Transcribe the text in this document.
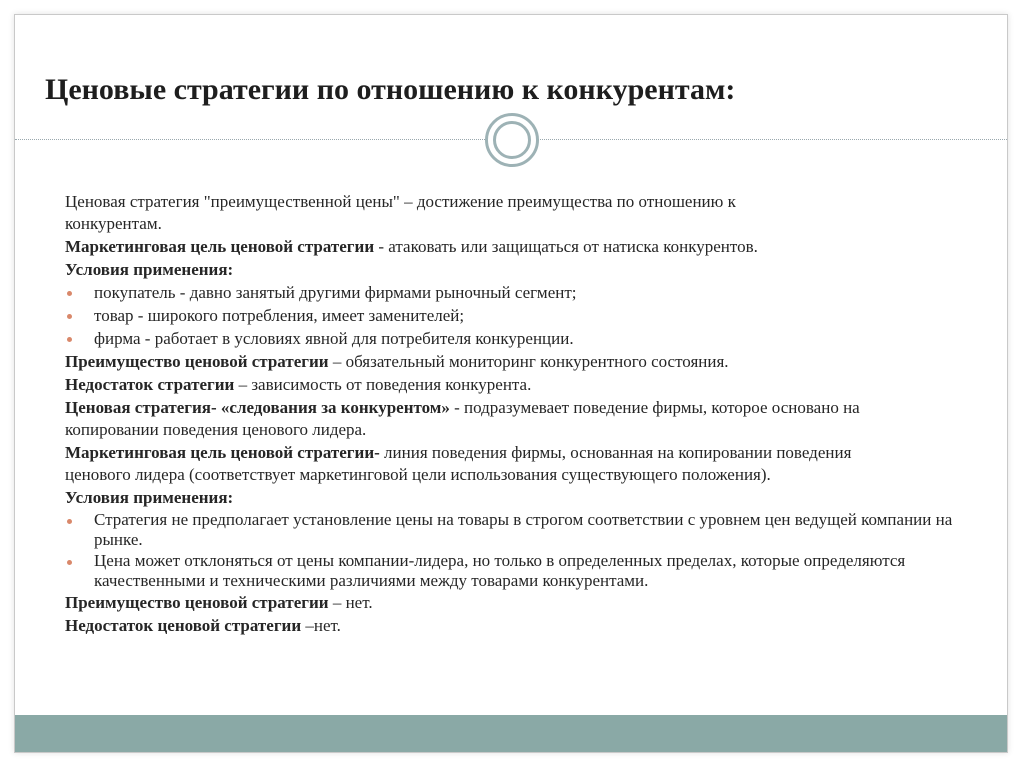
Ценовые стратегии по отношению к конкурентам:

Ценовая стратегия "преимущественной цены" – достижение преимущества по отношению к конкурентам.

Маркетинговая цель ценовой стратегии - атаковать или защищаться от натиска конкурентов.

Условия применения:

покупатель - давно занятый другими фирмами рыночный сегмент;
товар - широкого потребления, имеет заменителей;
фирма - работает в условиях явной для потребителя конкуренции.

Преимущество ценовой стратегии – обязательный мониторинг конкурентного состояния.

Недостаток стратегии – зависимость от поведения конкурента.

Ценовая стратегия- «следования за конкурентом» - подразумевает поведение фирмы, которое основано на копировании поведения ценового лидера.

Маркетинговая цель ценовой стратегии- линия поведения фирмы, основанная на копировании поведения ценового лидера (соответствует маркетинговой цели использования существующего положения).

Условия применения:

Стратегия не предполагает установление цены на товары в строгом соответствии с уровнем цен ведущей компании на рынке.
Цена может отклоняться от цены компании-лидера, но только в определенных пределах, которые определяются качественными и техническими различиями между товарами конкурентами.

Преимущество ценовой стратегии – нет.

Недостаток ценовой стратегии –нет.
